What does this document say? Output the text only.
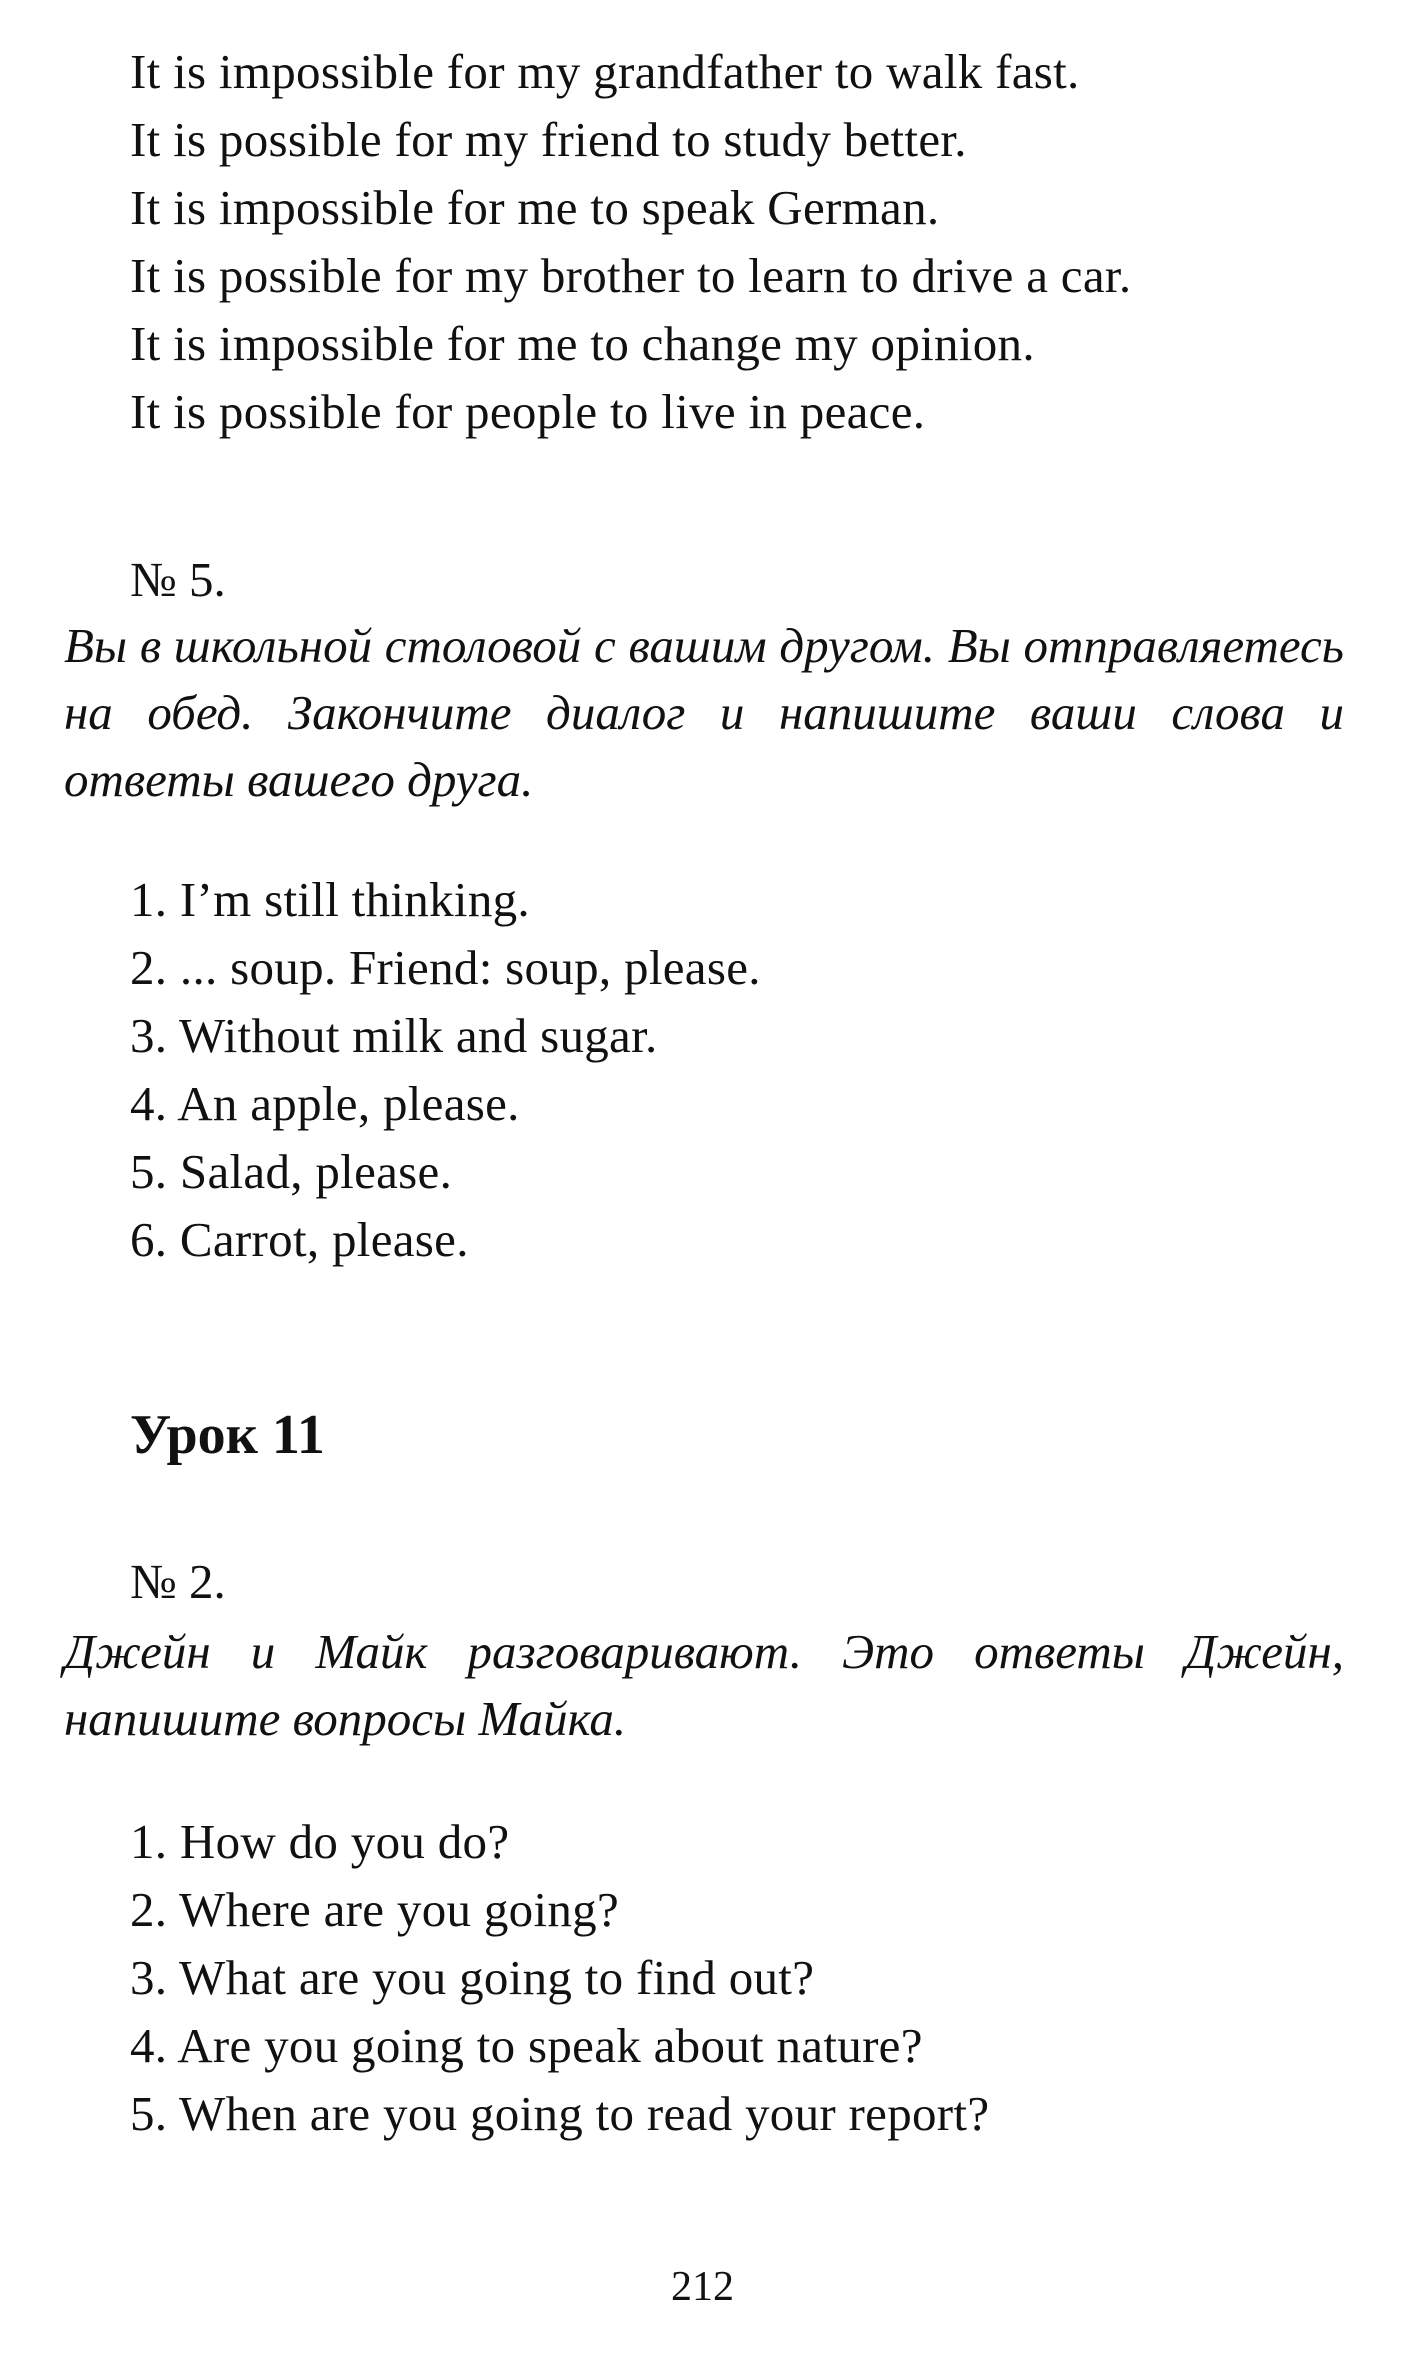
It is impossible for my grandfather to walk fast.
It is possible for my friend to study better.
It is impossible for me to speak German.
It is possible for my brother to learn to drive a car.
It is impossible for me to change my opinion.
It is possible for people to live in peace.
№ 5.
Вы в школьной столовой с вашим другом. Вы отправляетесь на обед. Закончите диалог и напишите ваши слова и ответы вашего друга.
1. I’m still thinking.
2. ... soup. Friend: soup, please.
3. Without milk and sugar.
4. An apple, please.
5. Salad, please.
6. Carrot, please.
Урок 11
№ 2.
Джейн и Майк разговаривают. Это ответы Джейн, напишите вопросы Майка.
1. How do you do?
2. Where are you going?
3. What are you going to find out?
4. Are you going to speak about nature?
5. When are you going to read your report?
212
